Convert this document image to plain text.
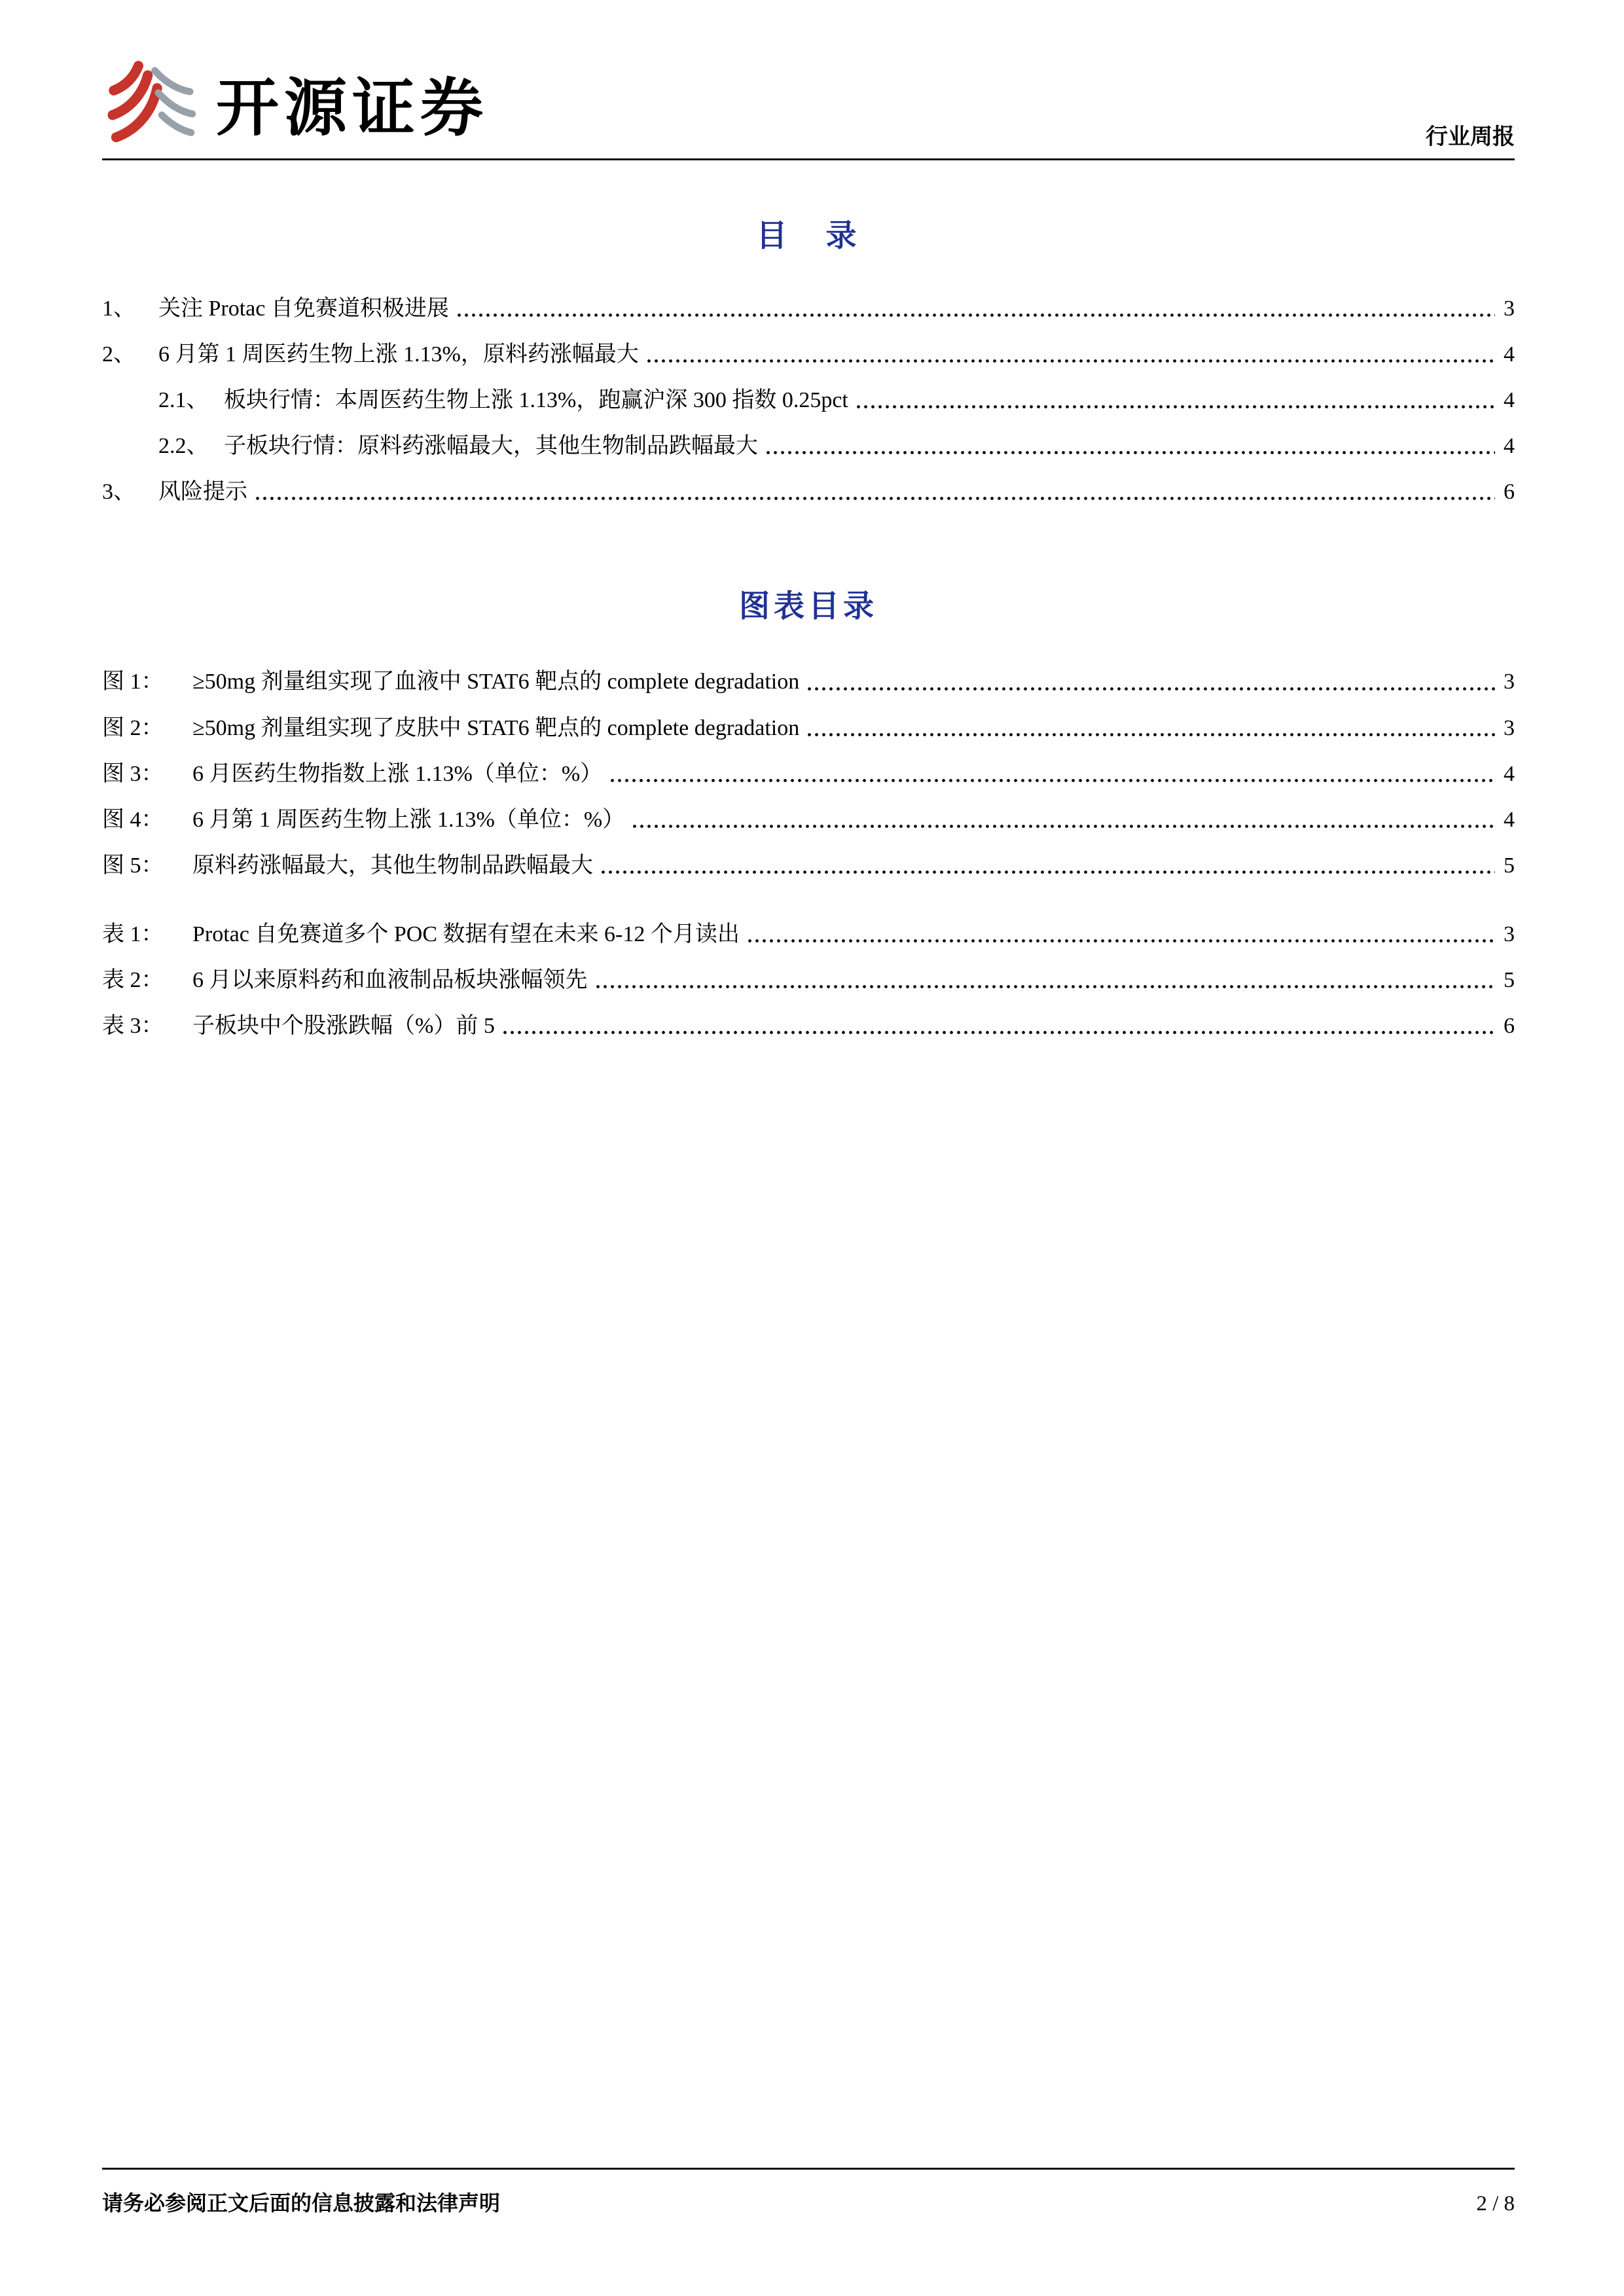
开源证券	行业周报
目　录
1、	关注 Protac 自免赛道积极进展	3
2、	6 月第 1 周医药生物上涨 1.13%，原料药涨幅最大	4
2.1、 板块行情：本周医药生物上涨 1.13%，跑赢沪深 300 指数 0.25pct	4
2.2、 子板块行情：原料药涨幅最大，其他生物制品跌幅最大	4
3、	风险提示	6
图表目录
图 1：	≥50mg 剂量组实现了血液中 STAT6 靶点的 complete degradation	3
图 2：	≥50mg 剂量组实现了皮肤中 STAT6 靶点的 complete degradation	3
图 3：	6 月医药生物指数上涨 1.13%（单位：%）	4
图 4：	6 月第 1 周医药生物上涨 1.13%（单位：%）	4
图 5：	原料药涨幅最大，其他生物制品跌幅最大	5
表 1：	Protac 自免赛道多个 POC 数据有望在未来 6-12 个月读出	3
表 2：	6 月以来原料药和血液制品板块涨幅领先	5
表 3：	子板块中个股涨跌幅（%）前 5	6
请务必参阅正文后面的信息披露和法律声明	2 / 8
